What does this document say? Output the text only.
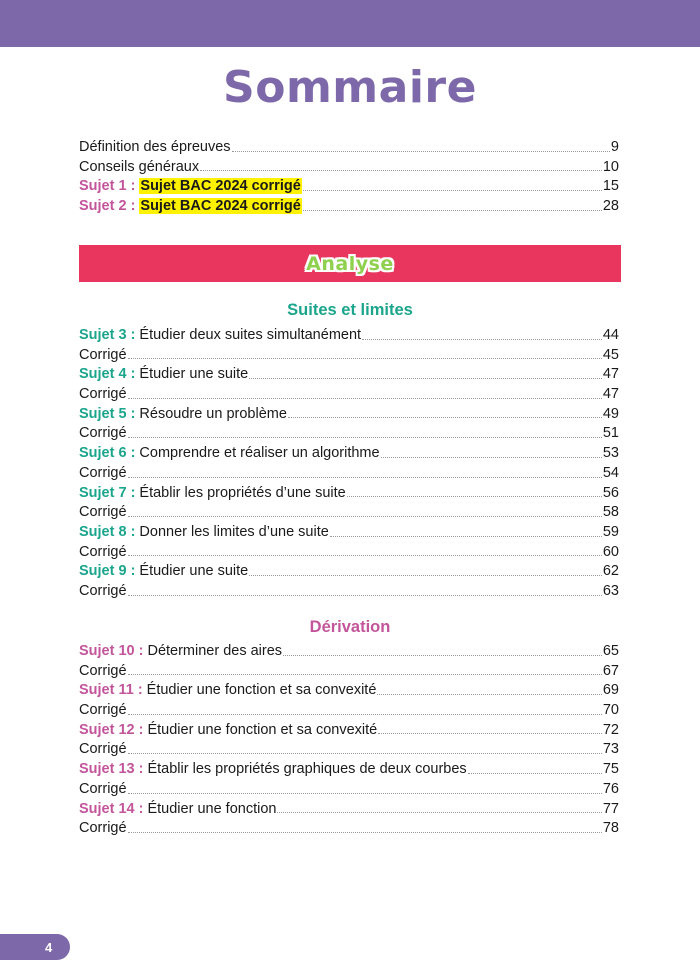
Sommaire
Définition des épreuves	9
Conseils généraux	10
Sujet 1 : Sujet BAC 2024 corrigé	15
Sujet 2 : Sujet BAC 2024 corrigé	28
Analyse
Suites et limites
Sujet 3 : Étudier deux suites simultanément	44
Corrigé	45
Sujet 4 : Étudier une suite	47
Corrigé	47
Sujet 5 : Résoudre un problème	49
Corrigé	51
Sujet 6 : Comprendre et réaliser un algorithme	53
Corrigé	54
Sujet 7 : Établir les propriétés d’une suite	56
Corrigé	58
Sujet 8 : Donner les limites d’une suite	59
Corrigé	60
Sujet 9 : Étudier une suite	62
Corrigé	63
Dérivation
Sujet 10 : Déterminer des aires	65
Corrigé	67
Sujet 11 : Étudier une fonction et sa convexité	69
Corrigé	70
Sujet 12 : Étudier une fonction et sa convexité	72
Corrigé	73
Sujet 13 : Établir les propriétés graphiques de deux courbes	75
Corrigé	76
Sujet 14 : Étudier une fonction	77
Corrigé	78
4
